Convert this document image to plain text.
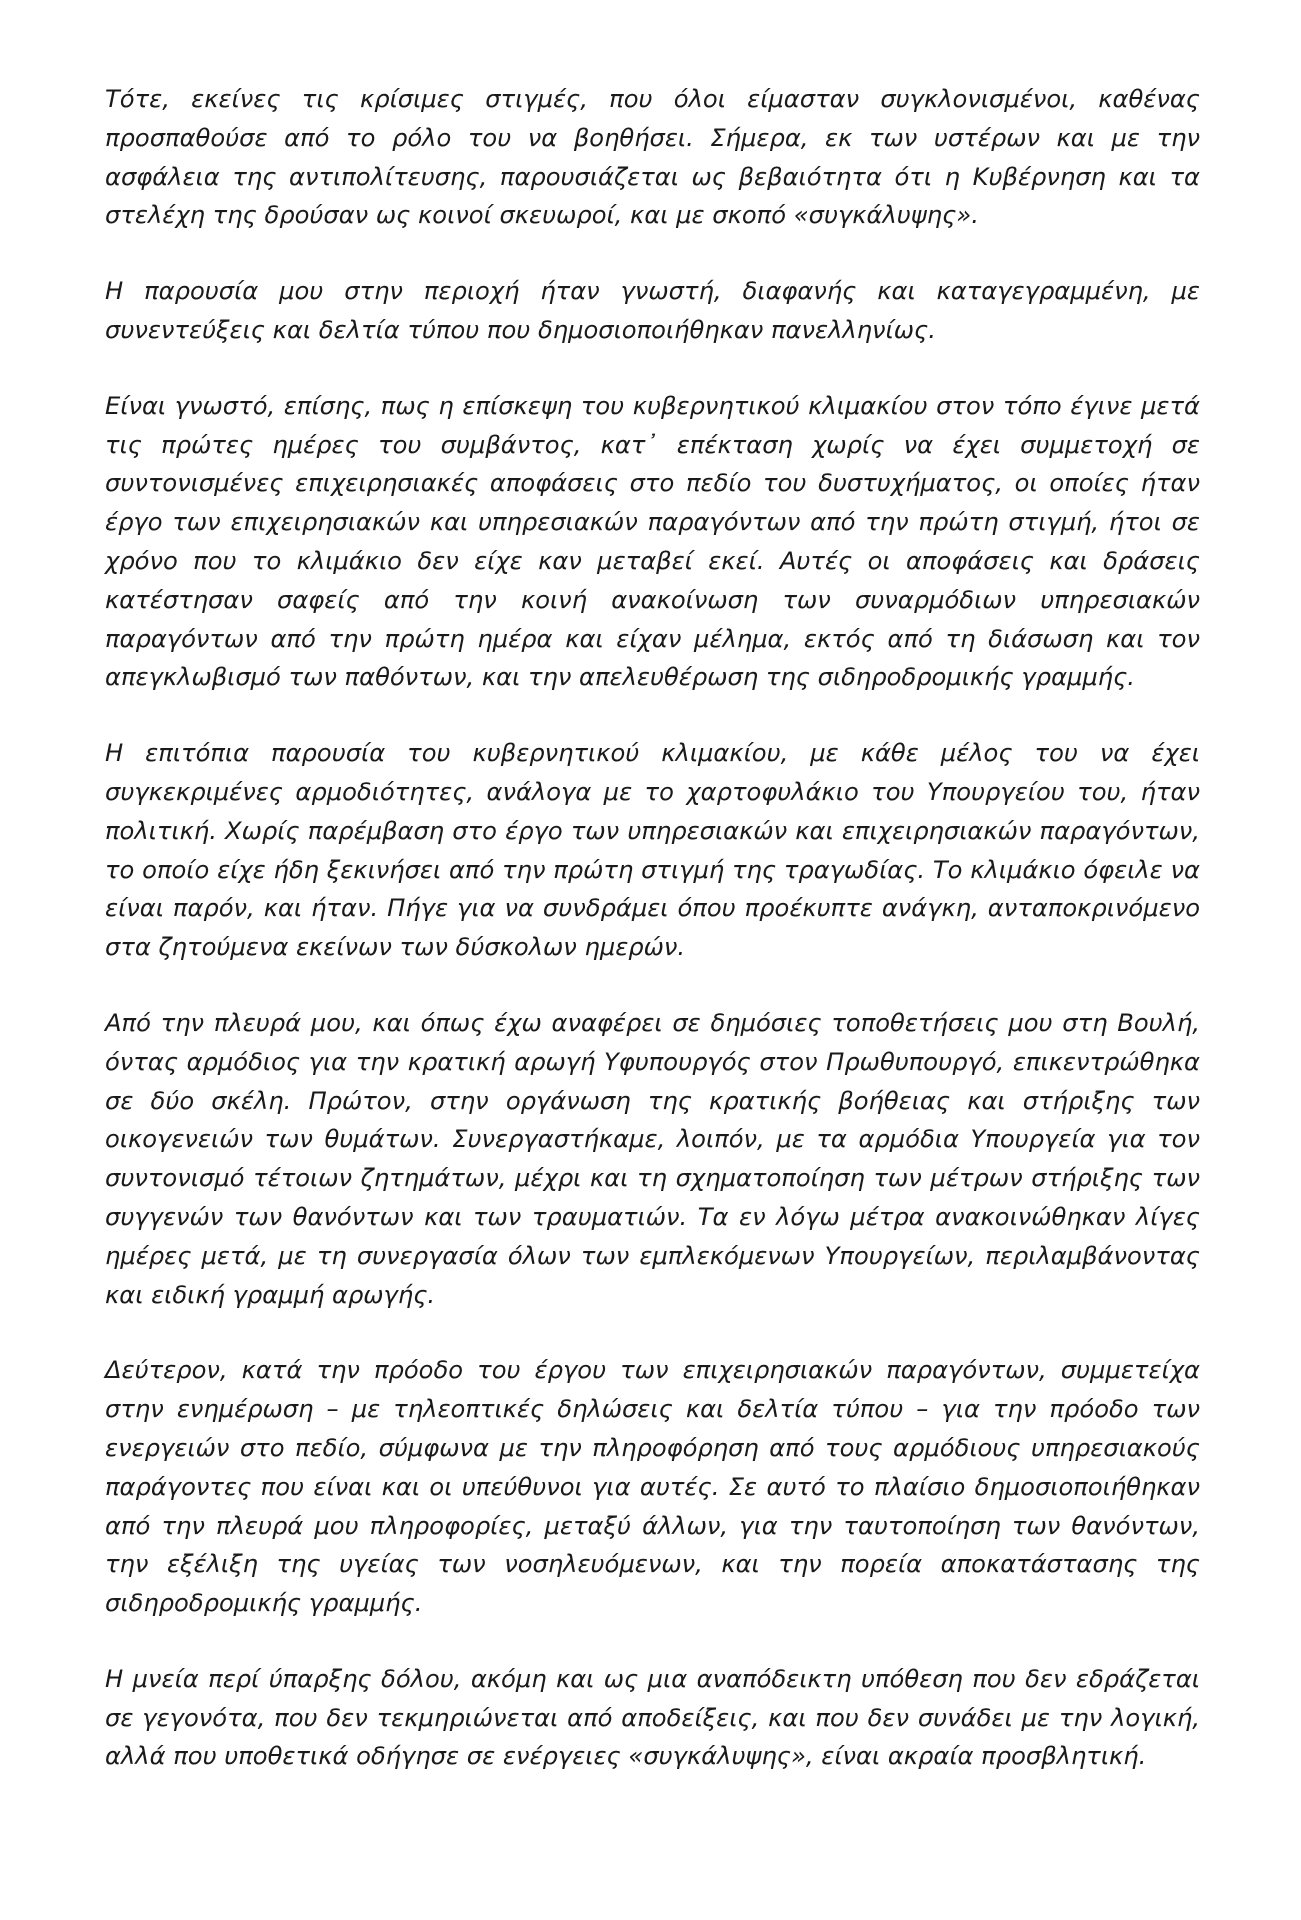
Τότε, εκείνες τις κρίσιμες στιγμές, που όλοι είμασταν συγκλονισμένοι, καθένας προσπαθούσε από το ρόλο του να βοηθήσει. Σήμερα, εκ των υστέρων και με την ασφάλεια της αντιπολίτευσης, παρουσιάζεται ως βεβαιότητα ότι η Κυβέρνηση και τα στελέχη της δρούσαν ως κοινοί σκευωροί, και με σκοπό «συγκάλυψης».

Η παρουσία μου στην περιοχή ήταν γνωστή, διαφανής και καταγεγραμμένη, με συνεντεύξεις και δελτία τύπου που δημοσιοποιήθηκαν πανελληνίως.

Είναι γνωστό, επίσης, πως η επίσκεψη του κυβερνητικού κλιμακίου στον τόπο έγινε μετά τις πρώτες ημέρες του συμβάντος, κατ᾽ επέκταση χωρίς να έχει συμμετοχή σε συντονισμένες επιχειρησιακές αποφάσεις στο πεδίο του δυστυχήματος, οι οποίες ήταν έργο των επιχειρησιακών και υπηρεσιακών παραγόντων από την πρώτη στιγμή, ήτοι σε χρόνο που το κλιμάκιο δεν είχε καν μεταβεί εκεί. Αυτές οι αποφάσεις και δράσεις κατέστησαν σαφείς από την κοινή ανακοίνωση των συναρμόδιων υπηρεσιακών παραγόντων από την πρώτη ημέρα και είχαν μέλημα, εκτός από τη διάσωση και τον απεγκλωβισμό των παθόντων, και την απελευθέρωση της σιδηροδρομικής γραμμής.

Η επιτόπια παρουσία του κυβερνητικού κλιμακίου, με κάθε μέλος του να έχει συγκεκριμένες αρμοδιότητες, ανάλογα με το χαρτοφυλάκιο του Υπουργείου του, ήταν πολιτική. Χωρίς παρέμβαση στο έργο των υπηρεσιακών και επιχειρησιακών παραγόντων, το οποίο είχε ήδη ξεκινήσει από την πρώτη στιγμή της τραγωδίας. Το κλιμάκιο όφειλε να είναι παρόν, και ήταν. Πήγε για να συνδράμει όπου προέκυπτε ανάγκη, ανταποκρινόμενο στα ζητούμενα εκείνων των δύσκολων ημερών.

Από την πλευρά μου, και όπως έχω αναφέρει σε δημόσιες τοποθετήσεις μου στη Βουλή, όντας αρμόδιος για την κρατική αρωγή Υφυπουργός στον Πρωθυπουργό, επικεντρώθηκα σε δύο σκέλη. Πρώτον, στην οργάνωση της κρατικής βοήθειας και στήριξης των οικογενειών των θυμάτων. Συνεργαστήκαμε, λοιπόν, με τα αρμόδια Υπουργεία για τον συντονισμό τέτοιων ζητημάτων, μέχρι και τη σχηματοποίηση των μέτρων στήριξης των συγγενών των θανόντων και των τραυματιών. Τα εν λόγω μέτρα ανακοινώθηκαν λίγες ημέρες μετά, με τη συνεργασία όλων των εμπλεκόμενων Υπουργείων, περιλαμβάνοντας και ειδική γραμμή αρωγής.

Δεύτερον, κατά την πρόοδο του έργου των επιχειρησιακών παραγόντων, συμμετείχα στην ενημέρωση – με τηλεοπτικές δηλώσεις και δελτία τύπου – για την πρόοδο των ενεργειών στο πεδίο, σύμφωνα με την πληροφόρηση από τους αρμόδιους υπηρεσιακούς παράγοντες που είναι και οι υπεύθυνοι για αυτές. Σε αυτό το πλαίσιο δημοσιοποιήθηκαν από την πλευρά μου πληροφορίες, μεταξύ άλλων, για την ταυτοποίηση των θανόντων, την εξέλιξη της υγείας των νοσηλευόμενων, και την πορεία αποκατάστασης της σιδηροδρομικής γραμμής.

Η μνεία περί ύπαρξης δόλου, ακόμη και ως μια αναπόδεικτη υπόθεση που δεν εδράζεται σε γεγονότα, που δεν τεκμηριώνεται από αποδείξεις, και που δεν συνάδει με την λογική, αλλά που υποθετικά οδήγησε σε ενέργειες «συγκάλυψης», είναι ακραία προσβλητική.
